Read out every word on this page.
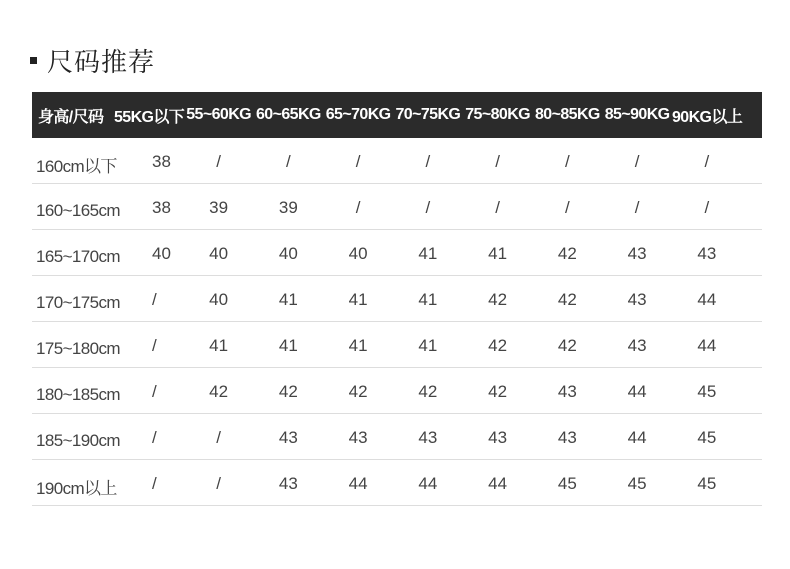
尺码推荐
身高/尺码 55KG以下 55~60KG 60~65KG 65~70KG 70~75KG 75~80KG 80~85KG 85~90KG 90KG以上
160cm以下	38	/	/	/	/	/	/	/	/
160~165cm	38	39	39	/	/	/	/	/	/
165~170cm	40	40	40	40	41	41	42	43	43
170~175cm	/	40	41	41	41	42	42	43	44
175~180cm	/	41	41	41	41	42	42	43	44
180~185cm	/	42	42	42	42	42	43	44	45
185~190cm	/	/	43	43	43	43	43	44	45
190cm以上	/	/	43	44	44	44	45	45	45
